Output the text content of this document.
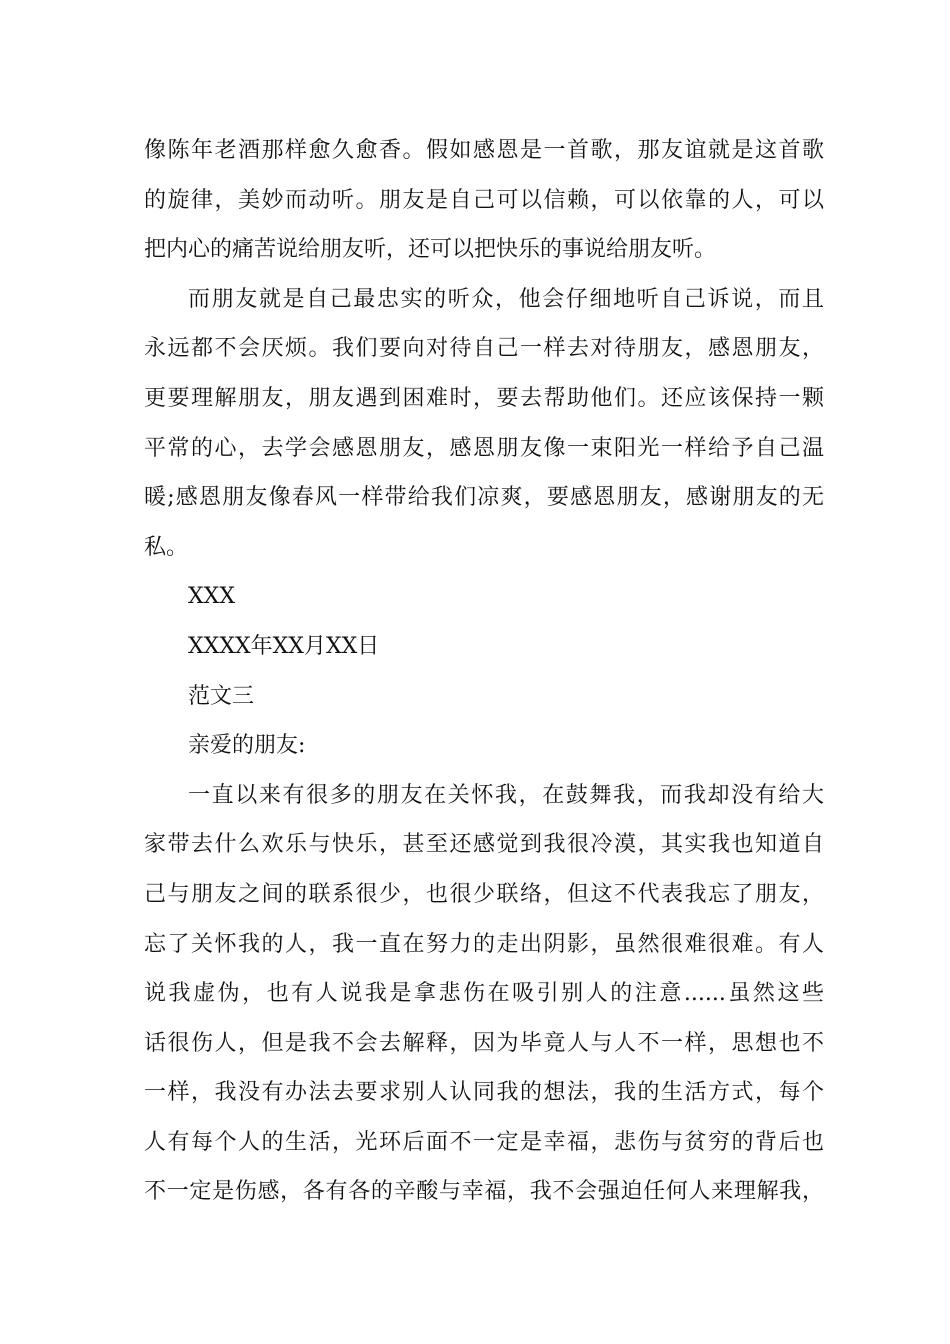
像陈年老酒那样愈久愈香。假如感恩是一首歌，那友谊就是这首歌
的旋律，美妙而动听。朋友是自己可以信赖，可以依靠的人，可以
把内心的痛苦说给朋友听，还可以把快乐的事说给朋友听。
而朋友就是自己最忠实的听众，他会仔细地听自己诉说，而且
永远都不会厌烦。我们要向对待自己一样去对待朋友，感恩朋友，
更要理解朋友，朋友遇到困难时，要去帮助他们。还应该保持一颗
平常的心，去学会感恩朋友，感恩朋友像一束阳光一样给予自己温
暖;感恩朋友像春风一样带给我们凉爽，要感恩朋友，感谢朋友的无
私。
XXX
XXXX年XX月XX日
范文三
亲爱的朋友:
一直以来有很多的朋友在关怀我，在鼓舞我，而我却没有给大
家带去什么欢乐与快乐，甚至还感觉到我很冷漠，其实我也知道自
己与朋友之间的联系很少，也很少联络，但这不代表我忘了朋友，
忘了关怀我的人，我一直在努力的走出阴影，虽然很难很难。有人
说我虚伪，也有人说我是拿悲伤在吸引别人的注意......虽然这些
话很伤人，但是我不会去解释，因为毕竟人与人不一样，思想也不
一样，我没有办法去要求别人认同我的想法，我的生活方式，每个
人有每个人的生活，光环后面不一定是幸福，悲伤与贫穷的背后也
不一定是伤感，各有各的辛酸与幸福，我不会强迫任何人来理解我，
